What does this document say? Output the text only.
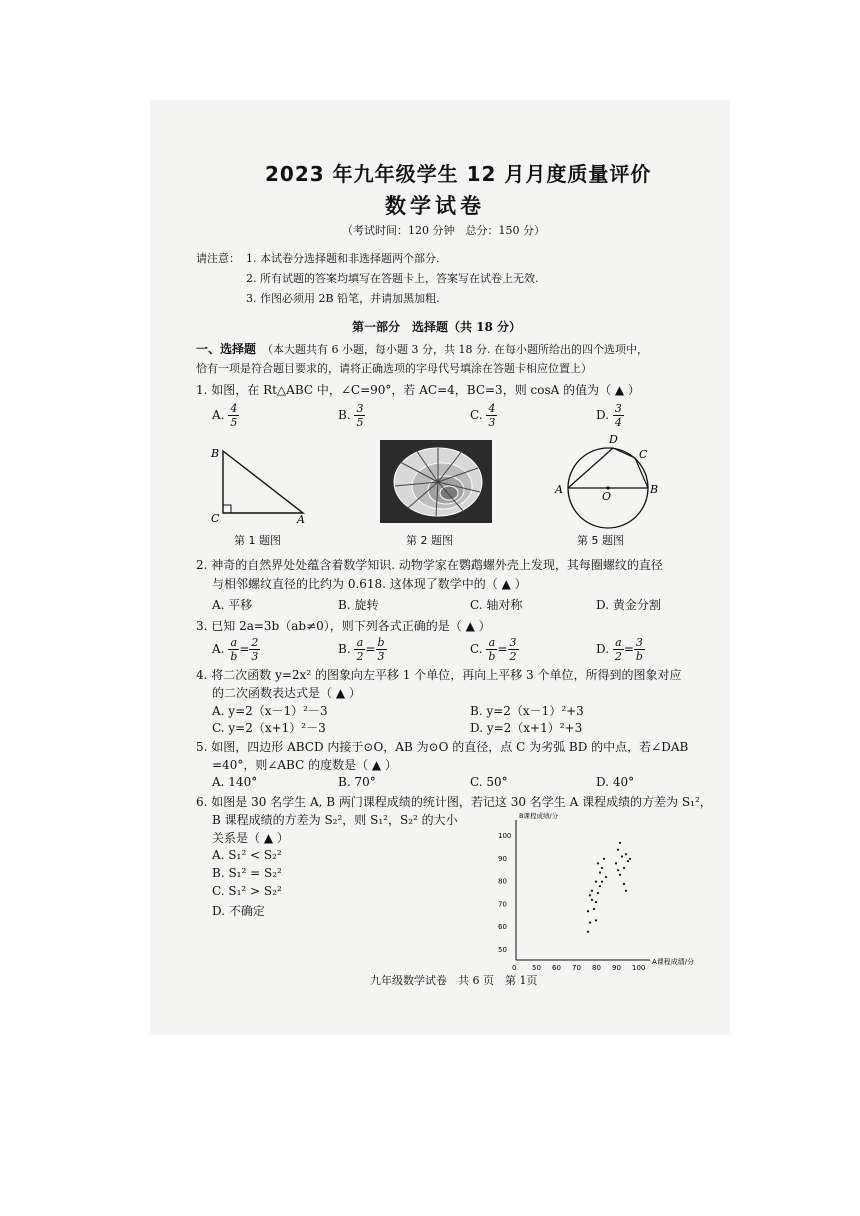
2023 年九年级学生 12 月月度质量评价
数学试卷
（考试时间：120 分钟　总分：150 分）
请注意： 1. 本试卷分选择题和非选择题两个部分.
2. 所有试题的答案均填写在答题卡上，答案写在试卷上无效.
3. 作图必须用 2B 铅笔，并请加黑加粗.
第一部分　选择题（共 18 分）
一、选择题 （本大题共有 6 小题，每小题 3 分，共 18 分. 在每小题所给出的四个选项中，
恰有一项是符合题目要求的，请将正确选项的字母代号填涂在答题卡相应位置上）
1. 如图，在 Rt△ABC 中，∠C=90°，若 AC=4，BC=3，则 cosA 的值为（ ▲ ）
A. $\frac{4}{5}$	B. $\frac{3}{5}$	C. $\frac{4}{3}$	D. $\frac{3}{4}$
B
C	A
第 1 题图	第 2 题图
D
C
A
O
B
第 5 题图
2. 神奇的自然界处处蕴含着数学知识. 动物学家在鹦鹉螺外壳上发现，其每圈螺纹的直径
与相邻螺纹直径的比约为 0.618. 这体现了数学中的（ ▲ ）
A. 平移	B. 旋转	C. 轴对称	D. 黄金分割
3. 已知 2a=3b（ab≠0），则下列各式正确的是（ ▲ ）
A. $\frac{a}{b} = \frac{2}{3}$	B. $\frac{a}{2} = \frac{b}{3}$	C. $\frac{a}{b} = \frac{3}{2}$	D. $\frac{a}{2} = \frac{3}{b}$
4. 将二次函数 y=2x² 的图象向左平移 1 个单位，再向上平移 3 个单位，所得到的图象对应
的二次函数表达式是（ ▲ ）
A. y=2（x－1）²－3	B. y=2（x－1）²+3
C. y=2（x+1）²－3	D. y=2（x+1）²+3
5. 如图，四边形 ABCD 内接于⊙O，AB 为⊙O 的直径，点 C 为劣弧 BD 的中点，若∠DAB
=40°，则∠ABC 的度数是（ ▲ ）
A. 140°	B. 70°	C. 50°	D. 40°
6. 如图是 30 名学生 A, B 两门课程成绩的统计图，若记这 30 名学生 A 课程成绩的方差为 S₁²，
B 课程成绩的方差为 S₂²，则 S₁²，S₂² 的大小
关系是（ ▲ ）
A. S₁² < S₂²
B. S₁² = S₂²
C. S₁² > S₂²
D. 不确定
0 50 60 70 80 90 100
50
60
70
80
90
100
A课程成绩/分
B课程成绩/分
九年级数学试卷　共 6 页　第 1页
